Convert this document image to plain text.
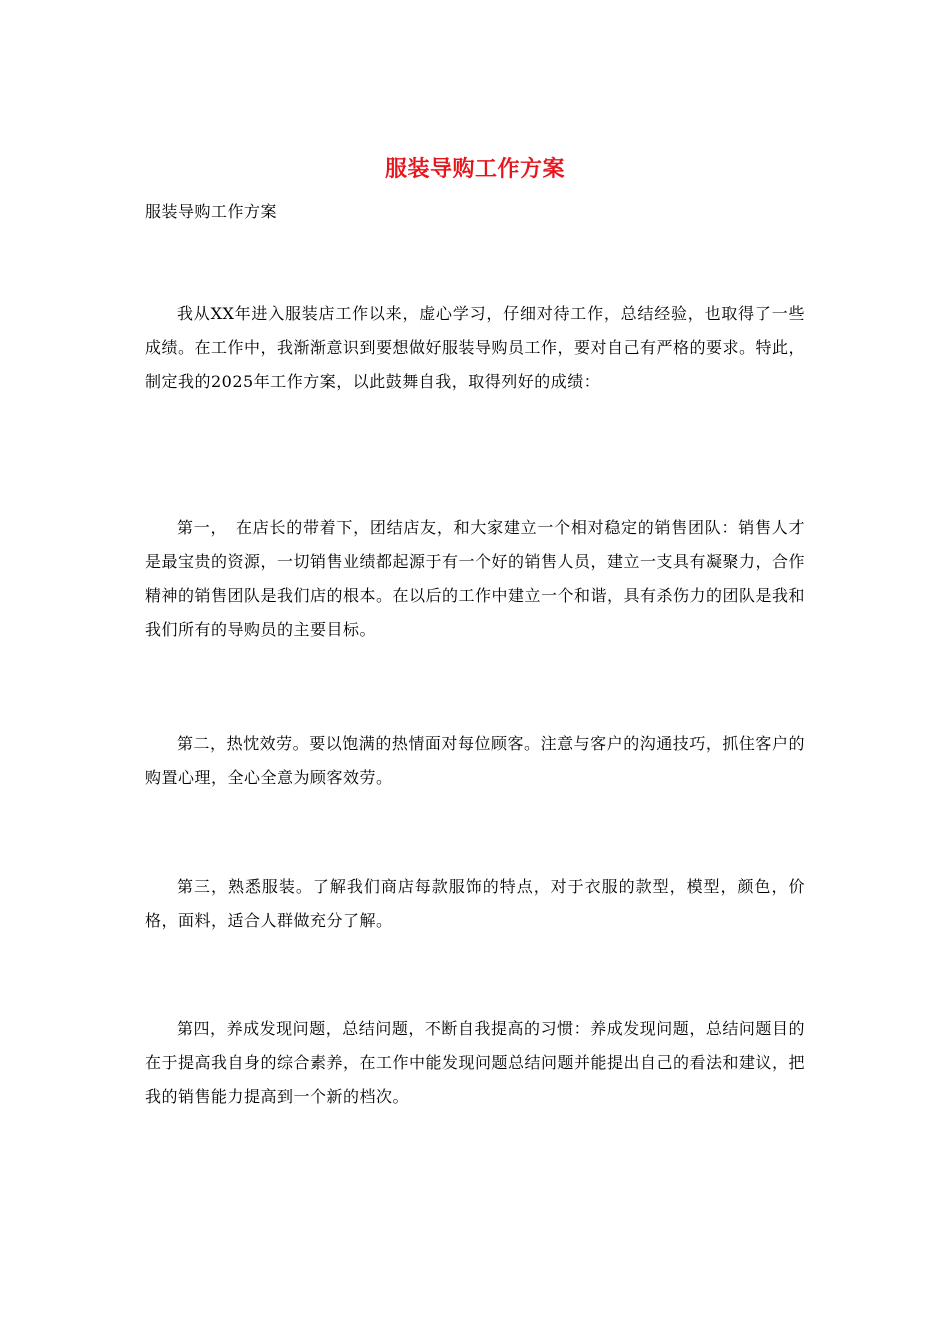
服装导购工作方案
服装导购工作方案

我从XX年进入服装店工作以来，虚心学习，仔细对待工作，总结经验，也取得了一些成绩。在工作中，我渐渐意识到要想做好服装导购员工作，要对自己有严格的要求。特此，制定我的2025年工作方案，以此鼓舞自我，取得列好的成绩：

第一，　在店长的带着下，团结店友，和大家建立一个相对稳定的销售团队：销售人才是最宝贵的资源，一切销售业绩都起源于有一个好的销售人员，建立一支具有凝聚力，合作精神的销售团队是我们店的根本。在以后的工作中建立一个和谐，具有杀伤力的团队是我和我们所有的导购员的主要目标。

第二，热忱效劳。要以饱满的热情面对每位顾客。注意与客户的沟通技巧，抓住客户的购置心理，全心全意为顾客效劳。

第三，熟悉服装。了解我们商店每款服饰的特点，对于衣服的款型，模型，颜色，价格，面料，适合人群做充分了解。

第四，养成发现问题，总结问题，不断自我提高的习惯：养成发现问题，总结问题目的在于提高我自身的综合素养，在工作中能发现问题总结问题并能提出自己的看法和建议，把我的销售能力提高到一个新的档次。
